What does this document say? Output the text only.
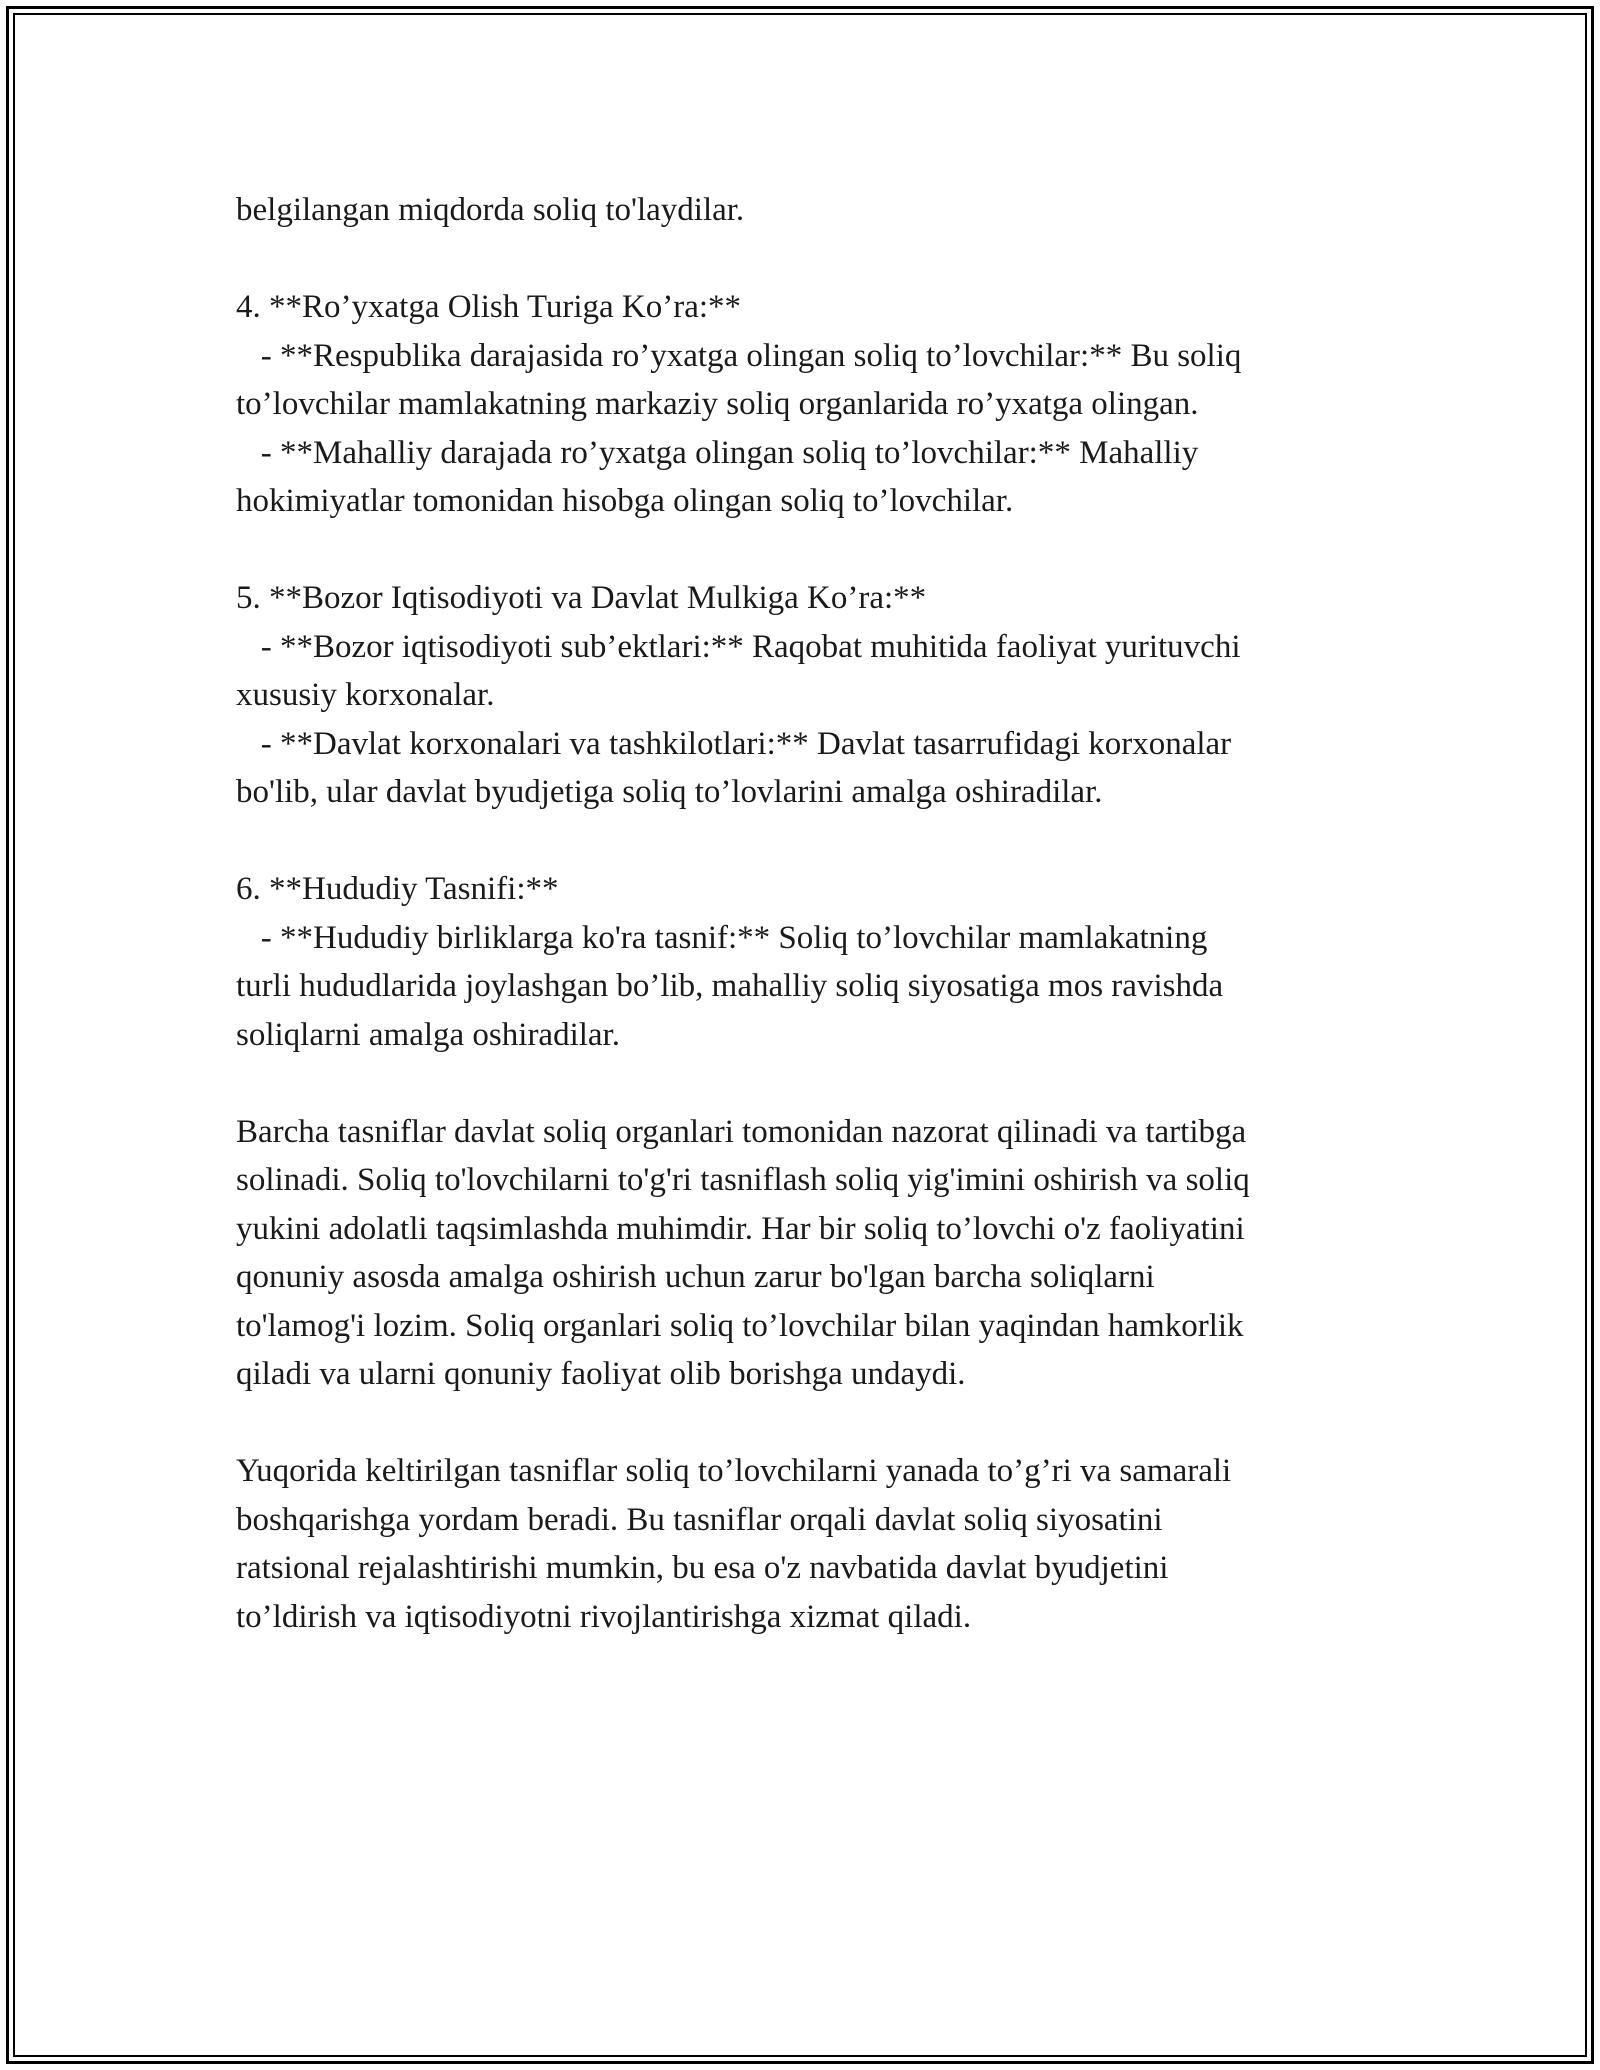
belgilangan miqdorda soliq to'laydilar.
4. **Ro’yxatga Olish Turiga Ko’ra:**
- **Respublika darajasida ro’yxatga olingan soliq to’lovchilar:** Bu soliq
to’lovchilar mamlakatning markaziy soliq organlarida ro’yxatga olingan.
- **Mahalliy darajada ro’yxatga olingan soliq to’lovchilar:** Mahalliy
hokimiyatlar tomonidan hisobga olingan soliq to’lovchilar.
5. **Bozor Iqtisodiyoti va Davlat Mulkiga Ko’ra:**
- **Bozor iqtisodiyoti sub’ektlari:** Raqobat muhitida faoliyat yurituvchi
xususiy korxonalar.
- **Davlat korxonalari va tashkilotlari:** Davlat tasarrufidagi korxonalar
bo'lib, ular davlat byudjetiga soliq to’lovlarini amalga oshiradilar.
6. **Hududiy Tasnifi:**
- **Hududiy birliklarga ko'ra tasnif:** Soliq to’lovchilar mamlakatning
turli hududlarida joylashgan bo’lib, mahalliy soliq siyosatiga mos ravishda
soliqlarni amalga oshiradilar.
Barcha tasniflar davlat soliq organlari tomonidan nazorat qilinadi va tartibga
solinadi. Soliq to'lovchilarni to'g'ri tasniflash soliq yig'imini oshirish va soliq
yukini adolatli taqsimlashda muhimdir. Har bir soliq to’lovchi o'z faoliyatini
qonuniy asosda amalga oshirish uchun zarur bo'lgan barcha soliqlarni
to'lamog'i lozim. Soliq organlari soliq to’lovchilar bilan yaqindan hamkorlik
qiladi va ularni qonuniy faoliyat olib borishga undaydi.
Yuqorida keltirilgan tasniflar soliq to’lovchilarni yanada to’g’ri va samarali
boshqarishga yordam beradi. Bu tasniflar orqali davlat soliq siyosatini
ratsional rejalashtirishi mumkin, bu esa o'z navbatida davlat byudjetini
to’ldirish va iqtisodiyotni rivojlantirishga xizmat qiladi.
